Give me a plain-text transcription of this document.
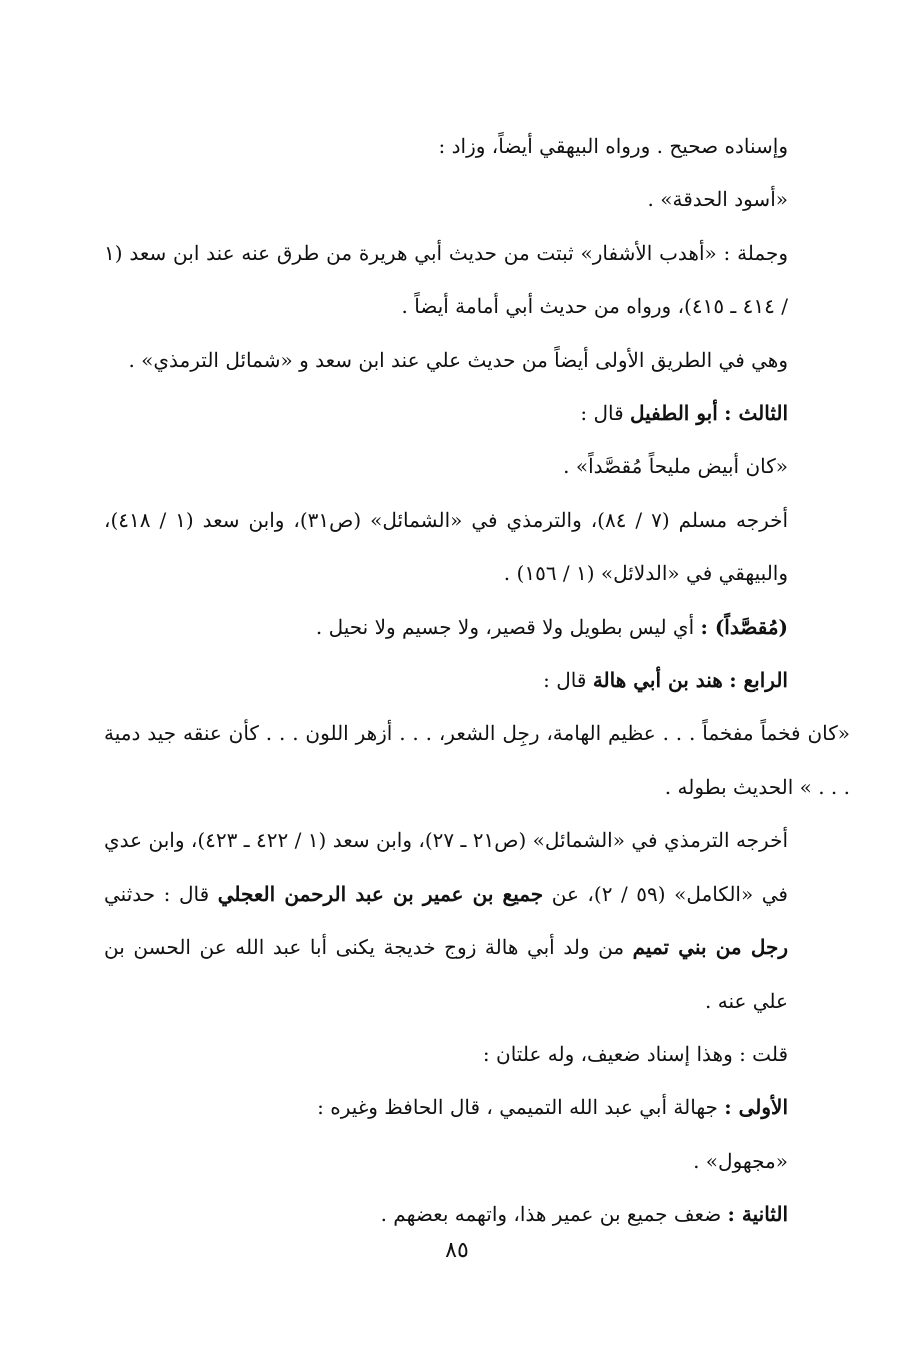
وإسناده صحيح . ورواه البيهقي أيضاً، وزاد :

«أسود الحدقة» .

وجملة : «أهدب الأشفار» ثبتت من حديث أبي هريرة من طرق عنه عند ابن سعد (١ / ٤١٤ ـ ٤١٥)، ورواه من حديث أبي أمامة أيضاً .

وهي في الطريق الأولى أيضاً من حديث علي عند ابن سعد و «شمائل الترمذي» .

الثالث : أبو الطفيل قال :

«كان أبيض مليحاً مُقصَّداً» .

أخرجه مسلم (٧ / ٨٤)، والترمذي في «الشمائل» (ص٣١)، وابن سعد (١ / ٤١٨)، والبيهقي في «الدلائل» (١ / ١٥٦) .

(مُقصَّداً) : أي ليس بطويل ولا قصير، ولا جسيم ولا نحيل .

الرابع : هند بن أبي هالة قال :

«كان فخماً مفخماً . . . عظيم الهامة، رجِل الشعر، . . . أزهر اللون . . . كأن عنقه جيد دمية . . . » الحديث بطوله .

أخرجه الترمذي في «الشمائل» (ص٢١ ـ ٢٧)، وابن سعد (١ / ٤٢٢ ـ ٤٢٣)، وابن عدي في «الكامل» (٥٩ / ٢)، عن جميع بن عمير بن عبد الرحمن العجلي قال : حدثني رجل من بني تميم من ولد أبي هالة زوج خديجة يكنى أبا عبد الله عن الحسن بن علي عنه .

قلت : وهذا إسناد ضعيف، وله علتان :

الأولى : جهالة أبي عبد الله التميمي ، قال الحافظ وغيره :

«مجهول» .

الثانية : ضعف جميع بن عمير هذا، واتهمه بعضهم .

٨٥
